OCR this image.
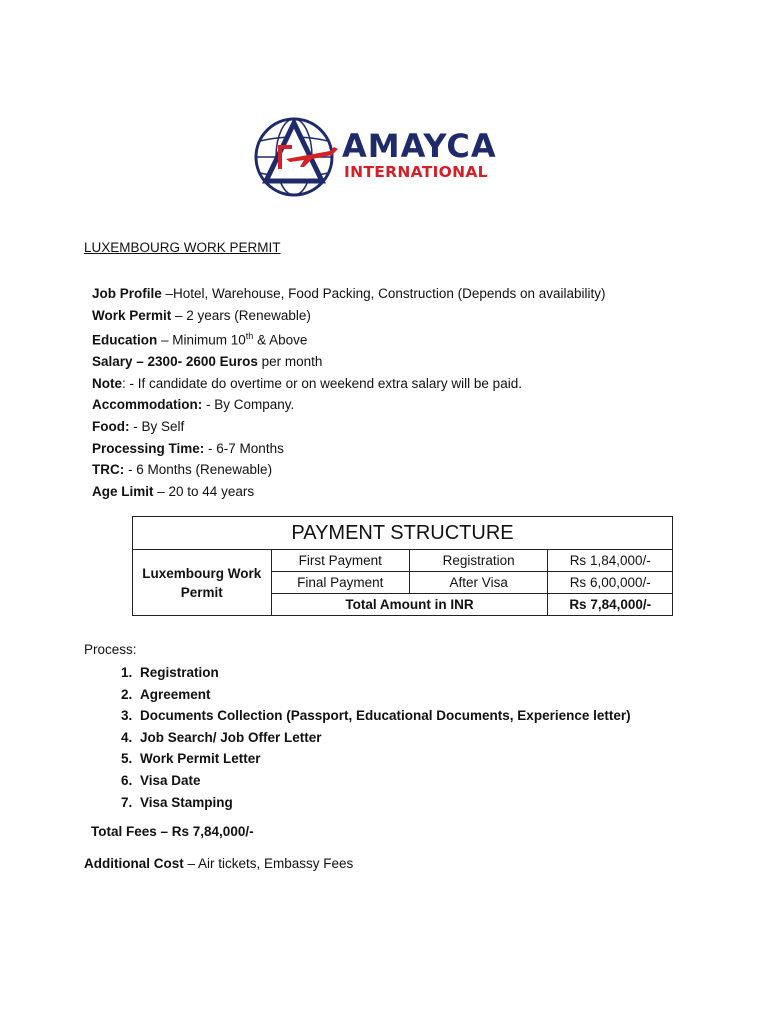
AMAYCA
INTERNATIONAL
LUXEMBOURG WORK PERMIT
Job Profile –Hotel, Warehouse, Food Packing, Construction (Depends on availability)
Work Permit – 2 years (Renewable)
Education – Minimum 10th & Above
Salary – 2300- 2600 Euros per month
Note: - If candidate do overtime or on weekend extra salary will be paid.
Accommodation: - By Company.
Food: - By Self
Processing Time: - 6-7 Months
TRC: - 6 Months (Renewable)
Age Limit – 20 to 44 years
PAYMENT STRUCTURE			
Luxembourg Work Permit	First Payment	Registration	Rs 1,84,000/-
	Final Payment	After Visa	Rs 6,00,000/-
	Total Amount in INR		Rs 7,84,000/-
Process:
1. Registration
2. Agreement
3. Documents Collection (Passport, Educational Documents, Experience letter)
4. Job Search/ Job Offer Letter
5. Work Permit Letter
6. Visa Date
7. Visa Stamping
Total Fees – Rs 7,84,000/-
Additional Cost – Air tickets, Embassy Fees
